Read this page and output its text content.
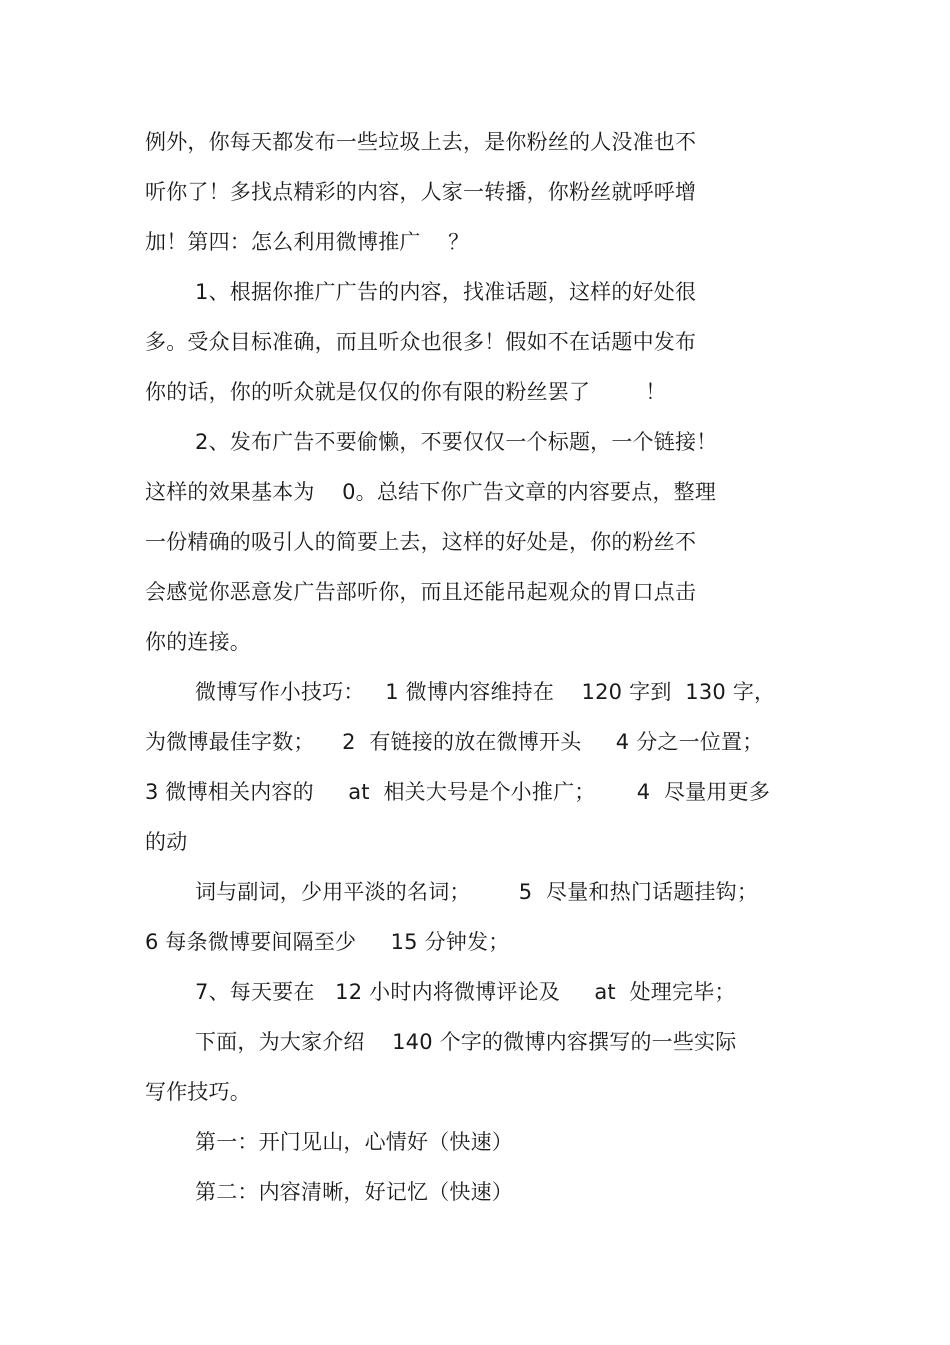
例外，你每天都发布一些垃圾上去，是你粉丝的人没准也不
听你了！多找点精彩的内容，人家一转播，你粉丝就呼呼增
加！第四：怎么利用微博推广    ？
1、根据你推广广告的内容，找准话题，这样的好处很
多。受众目标准确，而且听众也很多！假如不在话题中发布
你的话，你的听众就是仅仅的你有限的粉丝罢了        ！
2、发布广告不要偷懒，不要仅仅一个标题，一个链接！
这样的效果基本为    0。总结下你广告文章的内容要点，整理
一份精确的吸引人的简要上去，这样的好处是，你的粉丝不
会感觉你恶意发广告部听你，而且还能吊起观众的胃口点击
你的连接。
微博写作小技巧：   1 微博内容维持在    120 字到  130 字，
为微博最佳字数；    2  有链接的放在微博开头     4 分之一位置；
3 微博相关内容的     at  相关大号是个小推广；      4  尽量用更多
的动
词与副词，少用平淡的名词；       5  尽量和热门话题挂钩；
6 每条微博要间隔至少     15 分钟发；
7、每天要在   12 小时内将微博评论及     at  处理完毕；
下面，为大家介绍    140 个字的微博内容撰写的一些实际
写作技巧。
第一：开门见山，心情好（快速）
第二：内容清晰，好记忆（快速）
